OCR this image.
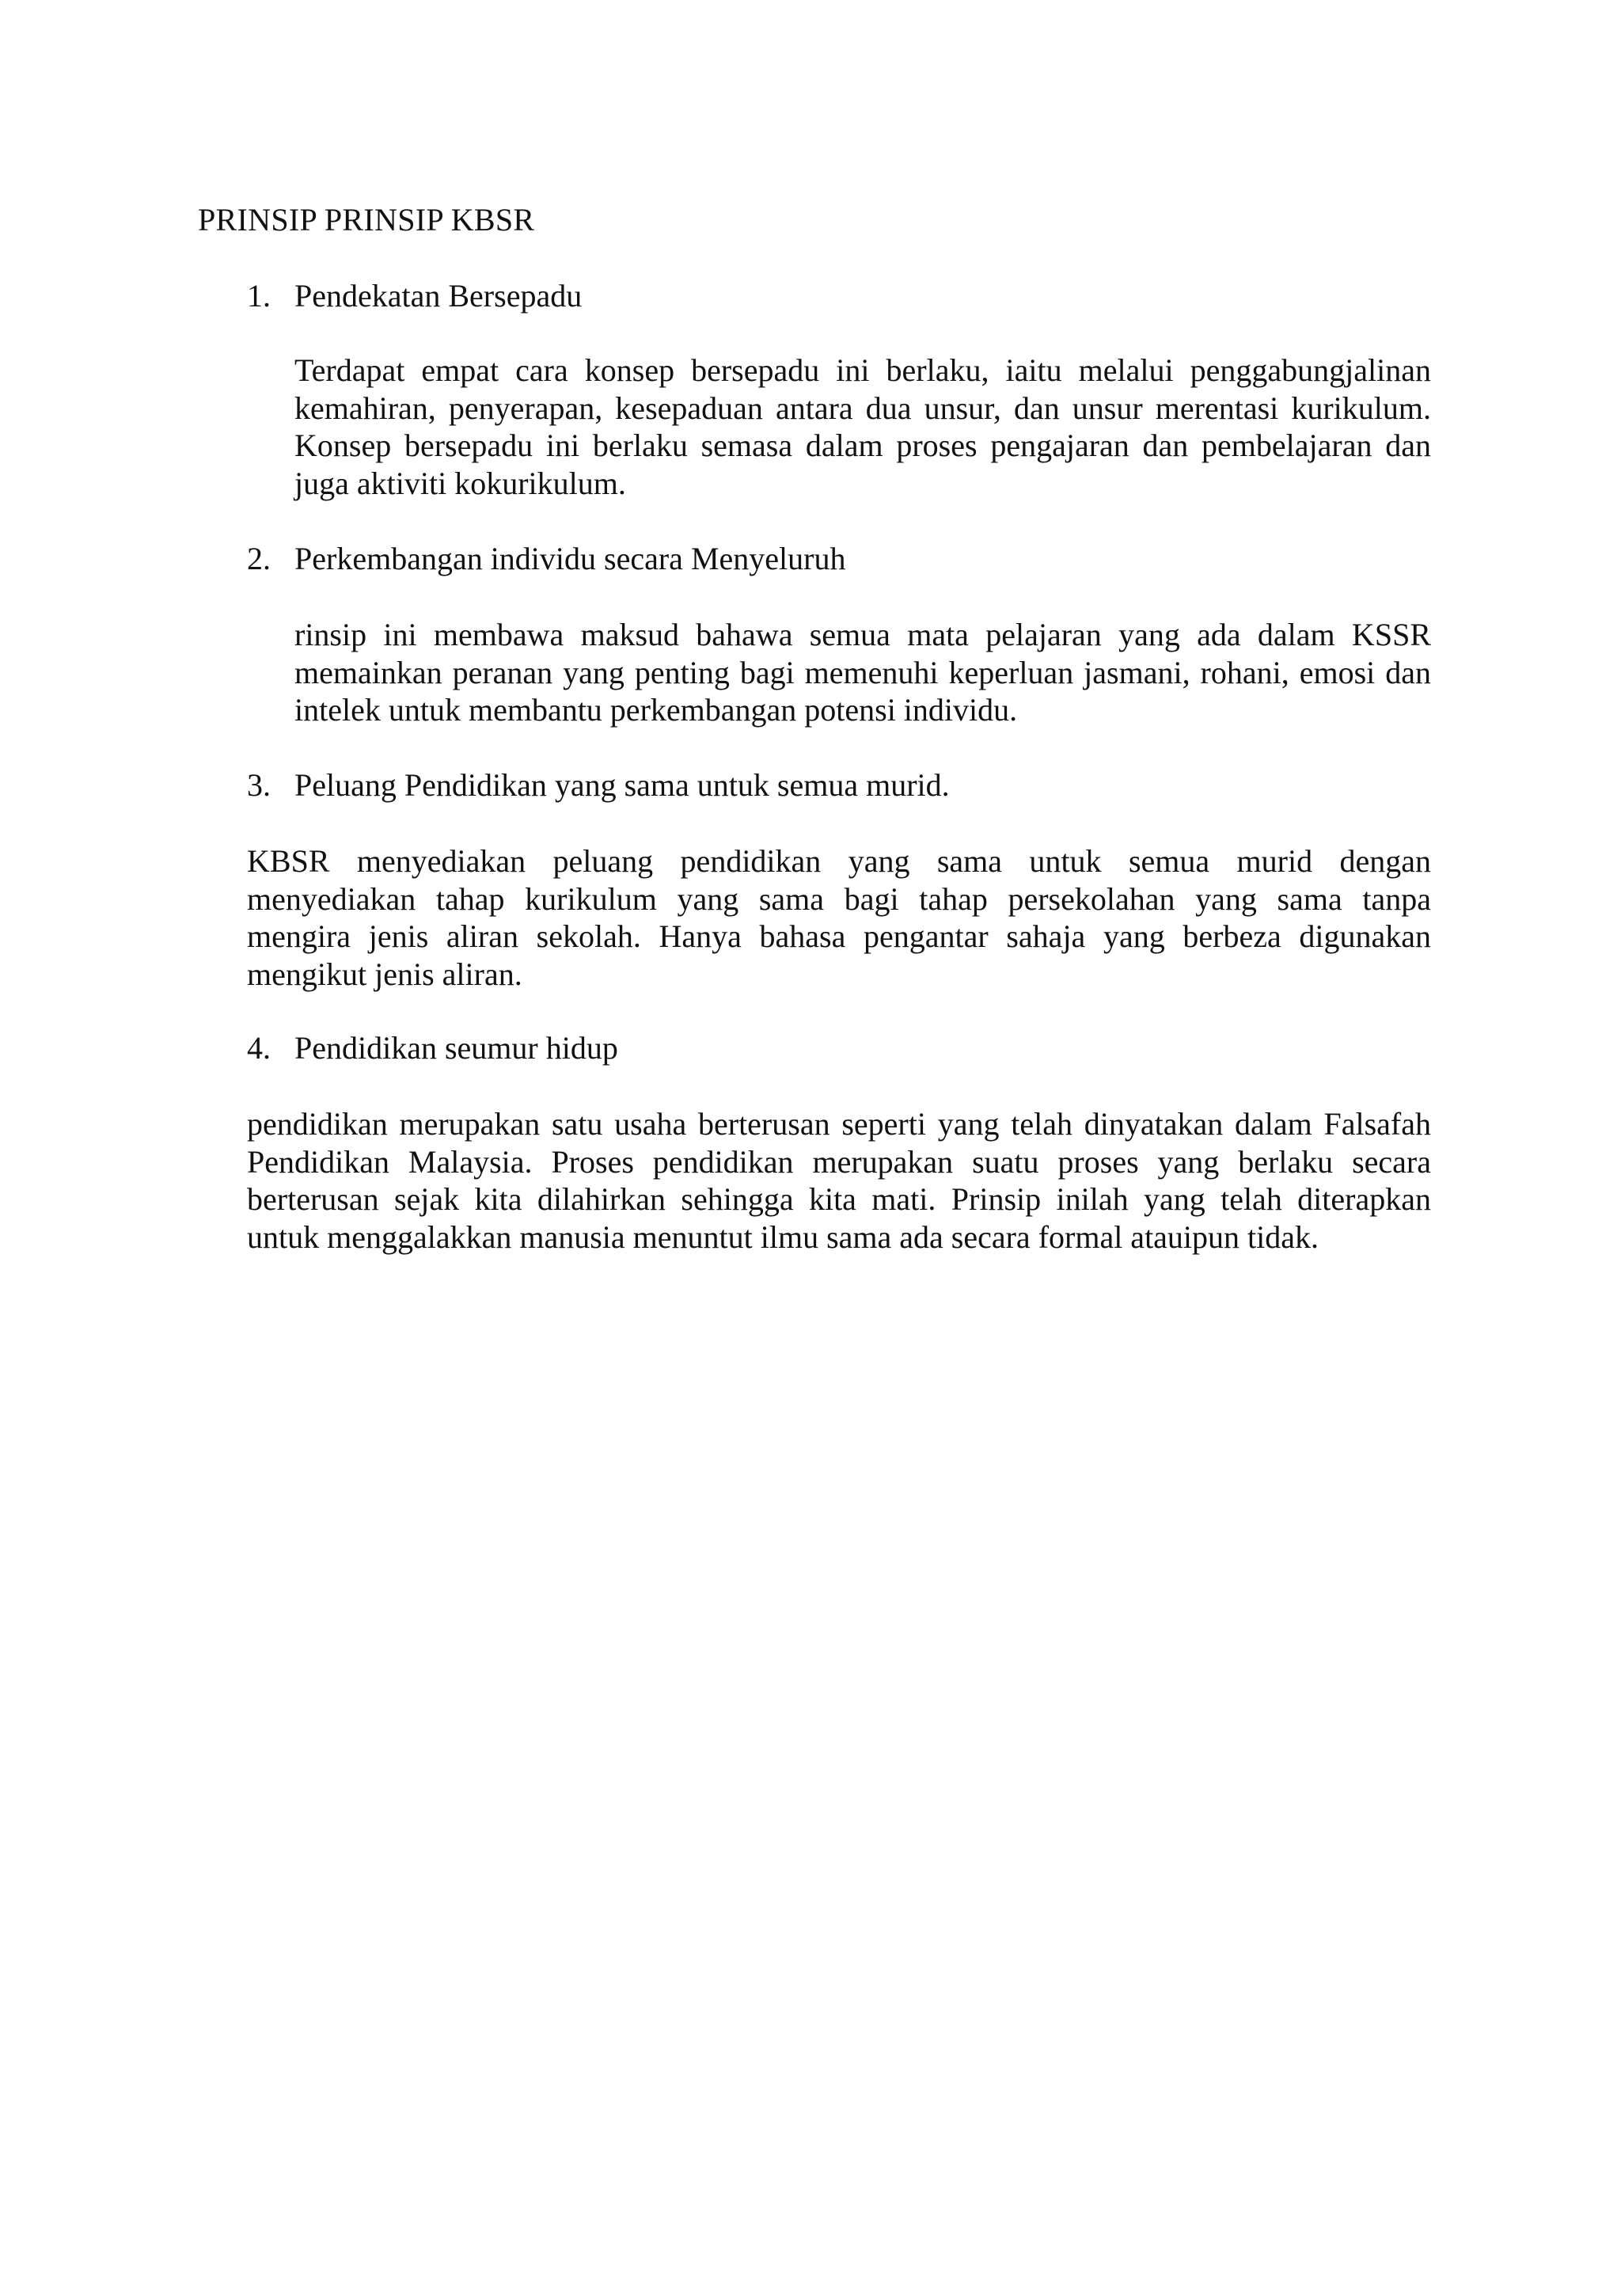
PRINSIP PRINSIP KBSR
1. Pendekatan Bersepadu

Terdapat empat cara konsep bersepadu ini berlaku, iaitu melalui penggabungjalinan
kemahiran, penyerapan, kesepaduan antara dua unsur, dan unsur merentasi kurikulum.
Konsep bersepadu ini berlaku semasa dalam proses pengajaran dan pembelajaran dan
juga aktiviti kokurikulum.

2. Perkembangan individu secara Menyeluruh

rinsip ini membawa maksud bahawa semua mata pelajaran yang ada dalam KSSR
memainkan peranan yang penting bagi memenuhi keperluan jasmani, rohani, emosi dan
intelek untuk membantu perkembangan potensi individu.

3. Peluang Pendidikan yang sama untuk semua murid.

KBSR menyediakan peluang pendidikan yang sama untuk semua murid dengan
menyediakan tahap kurikulum yang sama bagi tahap persekolahan yang sama tanpa
mengira jenis aliran sekolah. Hanya bahasa pengantar sahaja yang berbeza digunakan
mengikut jenis aliran.

4. Pendidikan seumur hidup

pendidikan merupakan satu usaha berterusan seperti yang telah dinyatakan dalam Falsafah
Pendidikan Malaysia. Proses pendidikan merupakan suatu proses yang berlaku secara
berterusan sejak kita dilahirkan sehingga kita mati. Prinsip inilah yang telah diterapkan
untuk menggalakkan manusia menuntut ilmu sama ada secara formal atauipun tidak.
